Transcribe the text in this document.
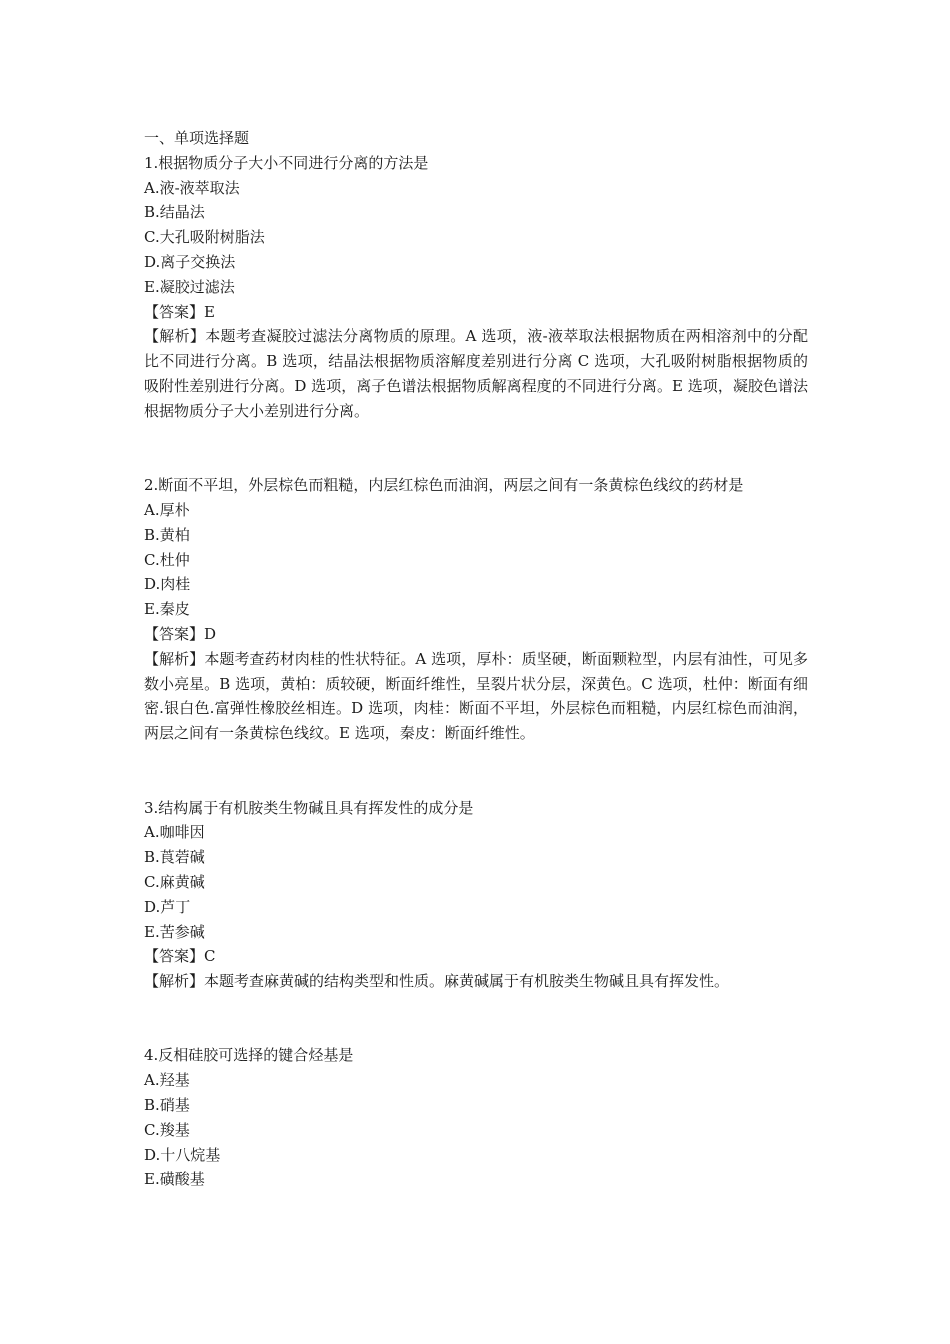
一、单项选择题

1.根据物质分子大小不同进行分离的方法是

A.液-液萃取法

B.结晶法

C.大孔吸附树脂法

D.离子交换法

E.凝胶过滤法

【答案】E

【解析】本题考查凝胶过滤法分离物质的原理。A 选项，液-液萃取法根据物质在两相溶剂中的分配比不同进行分离。B 选项，结晶法根据物质溶解度差别进行分离 C 选项，大孔吸附树脂根据物质的吸附性差别进行分离。D 选项，离子色谱法根据物质解离程度的不同进行分离。E 选项，凝胶色谱法根据物质分子大小差别进行分离。

2.断面不平坦，外层棕色而粗糙，内层红棕色而油润，两层之间有一条黄棕色线纹的药材是

A.厚朴

B.黄柏

C.杜仲

D.肉桂

E.秦皮

【答案】D

【解析】本题考查药材肉桂的性状特征。A 选项，厚朴：质坚硬，断面颗粒型，内层有油性，可见多数小亮星。B 选项，黄柏：质较硬，断面纤维性，呈裂片状分层，深黄色。C 选项，杜仲：断面有细密.银白色.富弹性橡胶丝相连。D 选项，肉桂：断面不平坦，外层棕色而粗糙，内层红棕色而油润，两层之间有一条黄棕色线纹。E 选项，秦皮：断面纤维性。

3.结构属于有机胺类生物碱且具有挥发性的成分是

A.咖啡因

B.莨菪碱

C.麻黄碱

D.芦丁

E.苦参碱

【答案】C

【解析】本题考查麻黄碱的结构类型和性质。麻黄碱属于有机胺类生物碱且具有挥发性。

4.反相硅胶可选择的键合烃基是

A.羟基

B.硝基

C.羧基

D.十八烷基

E.磺酸基
